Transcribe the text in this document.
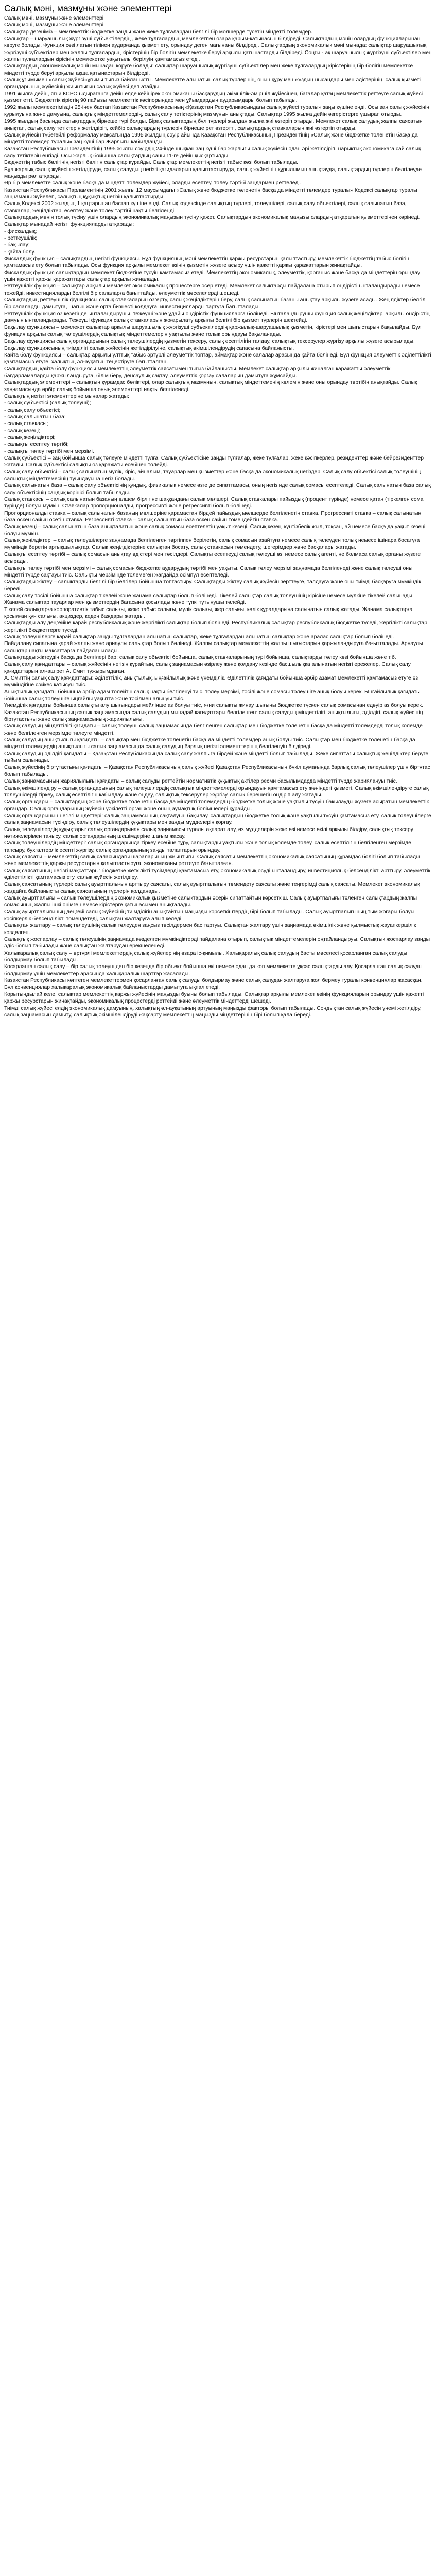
Салық мәні, мазмұны және элементтері

Салық мәні, мазмұны және элементтері

Салық мәні, мазмұны және элементтері

Салықтар дегеніміз – мемлекеттік бюджетке заңды және жеке тұлғалардан белгілі бір мөлшерде түсетін міндетті төлемдер.

Салықтар – шаруашылық жүргізуші субъектілердің , жеке тұлғалардың мемлекетпен өзара қарым-қатынасын білдіреді. Салықтардың мәнін олардың функцияларынан көруге болады. Функция сөзі латын тілінен аударғанда қызмет ету, орындау деген мағынаны білдіреді. Салықтардың экономикалық мәні мынада: салықтар шаруашылық жүргізуші субъектілер мен жалпы тұлғалардың кірістерінің бір бөлігін мемлекетке беруі арқылы қатынастарды білдіреді. Соңғы - ақ шаруашылық жүргізуші субъектілер мен жалпы тұлғалардың кірісінің мемлекетке уақытылы берілуін қамтамасыз етеді.

Салықтардың экономикалық мәнін мынадан көруге болады: салықтар шаруашылық жүргізуші субъектілер мен жеке тұлғалардың кірістерінің бір бөлігін мемлекетке міндетті түрде беруі арқылы ақша қатынастарын білдіреді.

Салық ұғымымен «салық жүйесі»ұғымы тығыз байланысты. Мемлекетте алынатын салық түрлерінің, оның құру мен жүздың нысандары мен әдістерінің, салық қызметі органдарының жүйесінің жиынтығын салық жүйесі деп атайды.

1991 жылға дейін, яғни КСРО ыдырағанға дейін елде кейінірек экономиканы басқарудың әкімшілік-әміршіл жүйесінен, бағалар қатаң мемлекеттік реттеуге салық жүйесі қызмет етті. Бюджеттік кірістің 90 пайызы мемлекеттік кәсіпорындар мен ұйымдардың аударымдары болып табылды.

1992 жылы мемлекетіміздің 25-інен бастап Қазақстан Республикасының «Қазақстан Республикасындағы салық жүйесі туралы» заңы күшіне енді. Осы заң салық жүйесінің құрылуына және дамуына, салықтық міндеттемелердің, салық салу тетіктерінің мазмұнын анықтады. Салықтар 1995 жылға дейін өзгерістерге ұшырап отырды.

1995 жылдың басында салықтардың бірнеше түрі болды. Бірақ салықтардың бұл түрлері жылдан жылға жиі өзгеріп отырды. Мемлекет салық салудың жалпы саясатын анықтап, салық салу тетіктерін жетілдіріп, кейбір салықтардың түрлерін бірнеше рет өзгертті, салықтардың ставкаларын жиі өзгертіп отырды.

Салық жүйесін түбегейлі реформалау мақсатында 1995 жылдың сәуір айында Қазақстан Республикасының Президентінің «Салық және бюджетке төленетін басқа да міндетті төлемдер туралы» заң күші бар Жарлығы қабылданды.

Қазақстан Республикасы Президентінің 1995 жылғы сәуірдің 24-інде шыққан заң күші бар жарлығы салық жүйесін одан әрі жетілдіріп, нарықтық экономикаға сай салық салу тетіктерін енгізді. Осы жарлық бойынша салықтардың саны 11-ге дейін қысқартылды.

Бюджеттің табыс бөлігінің негізгі бөлігін салықтар құрайды. Салықтар мемлекеттің негізгі табыс көзі болып табылады.

Бұл жарлық салық жүйесін жетілдіруде, салық салудың негізгі қағидаларын қалыптастыруда, салық жүйесінің құрылымын анықтауда, салықтардың түрлерін белгілеуде маңызды рөл атқарды.

Әр бір мемлекетте салық және басқа да міндетті төлемдер жүйесі, оларды есептеу, төлеу тәртібі заңдармен реттеледі.

Қазақстан Республикасы Парламентінің 2001 жылғы 12 маусымдағы «Салық және бюджетке төленетін басқа да міндетті төлемдер туралы» Кодексі салықтар туралы заңнаманы жүйелеп, салықтың құқықтық негізін қалыптастырды.

Салық Кодексі 2002 жылдың 1 қаңтарынан бастап күшіне енді. Салық кодексінде салықтың түрлері, төлеушілері, салық салу объектілері, салық салынатын база, ставкалар, жеңілдіктер, есептеу және төлеу тәртібі нақты белгіленді.

Салықтардың мәнін толық түсіну үшін олардың экономикалық маңызын түсіну қажет. Салықтардың экономикалық маңызы олардың атқаратын қызметтерінен көрінеді.

Салықтар мынадай негізгі функцияларды атқарады:

- фискалдық;

- реттеушілік;

- бақылау;

- қайта бөлу.

Фискалдық функция – салықтардың негізгі функциясы. Бұл функцияның мәні мемлекеттің қаржы ресурстарын қалыптастыру, мемлекеттік бюджеттің табыс бөлігін қамтамасыз ету болып табылады. Осы функция арқылы мемлекет өзінің қызметін жүзеге асыру үшін қажетті қаржы қаражаттарын жинақтайды.

Фискалдық функция салықтардың мемлекет бюджетіне түсуін қамтамасыз етеді. Мемлекеттің экономикалық, әлеуметтік, қорғаныс және басқа да міндеттерін орындау үшін қажетті қаржы қаражаттары салықтар арқылы жиналады.

Реттеушілік функция – салықтар арқылы мемлекет экономикалық процестерге әсер етеді. Мемлекет салықтарды пайдалана отырып өндірісті ынталандырады немесе тежейді, инвестицияларды белгілі бір салаларға бағыттайды, әлеуметтік мәселелерді шешеді.

Салықтардың реттеушілік функциясы салық ставкаларын өзгерту, салық жеңілдіктерін беру, салық салынатын базаны анықтау арқылы жүзеге асады. Жеңілдіктер белгілі бір салаларды дамытуға, шағын және орта бизнесті қолдауға, инвестицияларды тартуға бағытталады.

Реттеушілік функция өз кезегінде ынталандырушы, тежеуші және ұдайы өндірістік функцияларға бөлінеді. Ынталандырушы функция салық жеңілдіктері арқылы өндірістің дамуын ынталандырады. Тежеуші функция салық ставкаларын жоғарылату арқылы белгілі бір қызмет түрлерін шектейді.

Бақылау функциясы – мемлекет салықтар арқылы шаруашылық жүргізуші субъектілердің қаржылық-шаруашылық қызметін, кірістері мен шығыстарын бақылайды. Бұл функция арқылы салық төлеушілердің салықтық міндеттемелерін уақтылы және толық орындауы бақыланады.

Бақылау функциясы салық органдарының салық төлеушілердің қызметін тексеру, салық есептілігін талдау, салықтық тексерулер жүргізу арқылы жүзеге асырылады. Бақылау функциясының тиімділігі салық жүйесінің жетілдірілуіне, салықтық әкімшілендірудің сапасына байланысты.

Қайта бөлу функциясы – салықтар арқылы ұлттық табыс әртүрлі әлеуметтік топтар, аймақтар және салалар арасында қайта бөлінеді. Бұл функция әлеуметтік әділеттілікті қамтамасыз етуге, халықтың әл-ауқатын теңестіруге бағытталған.

Салықтардың қайта бөлу функциясы мемлекеттің әлеуметтік саясатымен тығыз байланысты. Мемлекет салықтар арқылы жиналған қаражатты әлеуметтік бағдарламаларды қаржыландыруға, білім беру, денсаулық сақтау, әлеуметтік қорғау салаларын дамытуға жұмсайды.

Салықтардың элементтері – салықтың құрамдас бөліктері, олар салықтың мазмұнын, салықтық міндеттеменің көлемін және оны орындау тәртібін анықтайды. Салық заңнамасында әрбір салық бойынша оның элементтері нақты белгіленеді.

Салықтың негізгі элементтеріне мыналар жатады:

- салық субъектісі (салық төлеуші);

- салық салу объектісі;

- салық салынатын база;

- салық ставкасы;

- салық кезеңі;

- салық жеңілдіктері;

- салықты есептеу тәртібі;

- салықты төлеу тәртібі мен мерзімі.

Салық субъектісі – заң бойынша салық төлеуге міндетті тұлға. Салық субъектісіне заңды тұлғалар, жеке тұлғалар, жеке кәсіпкерлер, резиденттер және бейрезиденттер жатады. Салық субъектісі салықты өз қаражаты есебінен төлейді.

Салық салу объектісі – салық салынатын мүлік, кіріс, айналым, тауарлар мен қызметтер және басқа да экономикалық негіздер. Салық салу объектісі салық төлеушінің салықтық міндеттемесінің туындауына негіз болады.

Салық салынатын база – салық салу объектісінің құндық, физикалық немесе өзге де сипаттамасы, оның негізінде салық сомасы есептеледі. Салық салынатын база салық салу объектісінің сандық көрінісі болып табылады.

Салық ставкасы – салық салынатын базаның өлшем бірлігіне шаққандағы салық мөлшері. Салық ставкалары пайыздық (процент түрінде) немесе қатаң (тіркелген сома түрінде) болуы мүмкін. Ставкалар пропорционалды, прогрессивті және регрессивті болып бөлінеді.

Пропорционалды ставка – салық салынатын базаның мөлшеріне қарамастан бірдей пайыздық мөлшерде белгіленетін ставка. Прогрессивті ставка – салық салынатын база өскен сайын өсетін ставка. Регрессивті ставка – салық салынатын база өскен сайын төмендейтін ставка.

Салық кезеңі – салық салынатын база анықталатын және салық сомасы есептелетін уақыт кезеңі. Салық кезеңі күнтізбелік жыл, тоқсан, ай немесе басқа да уақыт кезеңі болуы мүмкін.

Салық жеңілдіктері – салық төлеушілерге заңнамада белгіленген тәртіппен берілетін, салық сомасын азайтуға немесе салық төлеуден толық немесе ішінара босатуға мүмкіндік беретін артықшылықтар. Салық жеңілдіктеріне салықтан босату, салық ставкасын төмендету, шегерімдер және басқалары жатады.

Салықты есептеу тәртібі – салық сомасын анықтау әдістері мен тәсілдері. Салықты есептеуді салық төлеуші өзі немесе салық агенті, не болмаса салық органы жүзеге асырады.

Салықты төлеу тәртібі мен мерзімі – салық сомасын бюджетке аударудың тәртібі мен уақыты. Салық төлеу мерзімі заңнамада белгіленеді және салық төлеуші оны міндетті түрде сақтауы тиіс. Салықты мерзімінде төлемеген жағдайда өсімпұл есептеледі.

Салықтарды жіктеу – салықтарды белгілі бір белгілер бойынша топтастыру. Салықтарды жіктеу салық жүйесін зерттеуге, талдауға және оны тиімді басқаруға мүмкіндік береді.

Салық салу тәсілі бойынша салықтар тікелей және жанама салықтар болып бөлінеді. Тікелей салықтар салық төлеушінің кірісіне немесе мүлкіне тікелей салынады. Жанама салықтар тауарлар мен қызметтердің бағасына қосылады және түпкі тұтынушы төлейді.

Тікелей салықтарға корпоративтік табыс салығы, жеке табыс салығы, мүлік салығы, жер салығы, көлік құралдарына салынатын салық жатады. Жанама салықтарға қосылған құн салығы, акциздер, кеден баждары жатады.

Салықтарды алу деңгейіне қарай республикалық және жергілікті салықтар болып бөлінеді. Республикалық салықтар республикалық бюджетке түседі, жергілікті салықтар жергілікті бюджеттерге түседі.

Салық төлеушілерге қарай салықтар заңды тұлғалардан алынатын салықтар, жеке тұлғалардан алынатын салықтар және аралас салықтар болып бөлінеді.

Пайдалану сипатына қарай жалпы және арнаулы салықтар болып бөлінеді. Жалпы салықтар мемлекеттің жалпы шығыстарын қаржыландыруға бағытталады. Арнаулы салықтар нақты мақсаттарға пайдаланылады.

Салықтарды жіктеудің басқа да белгілері бар: салық салу объектісі бойынша, салық ставкаларының түрі бойынша, салықтарды төлеу көзі бойынша және т.б.

Салық салу қағидаттары – салық жүйесінің негізін құрайтын, салық заңнамасын әзірлеу және қолдану кезінде басшылыққа алынатын негізгі ережелер. Салық салу қағидаттарын алғаш рет А. Смит тұжырымдаған.

А. Смиттің салық салу қағидаттары: әділеттілік, анықтылық, ыңғайлылық және үнемділік. Әділеттілік қағидаты бойынша әрбір азамат мемлекетті қамтамасыз етуге өз мүмкіндігіне сәйкес қатысуы тиіс.

Анықтылық қағидаты бойынша әрбір адам төлейтін салық нақты белгіленуі тиіс, төлеу мерзімі, тәсілі және сомасы төлеушіге анық болуы керек. Ыңғайлылық қағидаты бойынша салық төлеушіге ыңғайлы уақытта және тәсілмен алынуы тиіс.

Үнемділік қағидаты бойынша салықты алу шығындары мейлінше аз болуы тиіс, яғни салықты жинау шығыны бюджетке түскен салық сомасынан едәуір аз болуы керек.

Қазақстан Республикасының салық заңнамасында салық салудың мынадай қағидаттары белгіленген: салық салудың міндеттілігі, анықтылығы, әділдігі, салық жүйесінің біртұтастығы және салық заңнамасының жариялылығы.

Салық салудың міндеттілігі қағидаты – салық төлеуші салық заңнамасында белгіленген салықтар мен бюджетке төленетін басқа да міндетті төлемдерді толық көлемде және белгіленген мерзімде төлеуге міндетті.

Салық салудың анықтылығы қағидаты – салықтар мен бюджетке төленетін басқа да міндетті төлемдер анық болуы тиіс. Салықтар мен бюджетке төленетін басқа да міндетті төлемдердің анықтылығы салық заңнамасында салық салудың барлық негізгі элементтерінің белгіленуін білдіреді.

Салық салудың әділдігі қағидаты – Қазақстан Республикасында салық салу жалпыға бірдей және міндетті болып табылады. Жеке сипаттағы салықтық жеңілдіктер беруге тыйым салынады.

Салық жүйесінің біртұтастығы қағидаты – Қазақстан Республикасының салық жүйесі Қазақстан Республикасының бүкіл аумағында барлық салық төлеушілер үшін біртұтас болып табылады.

Салық заңнамасының жариялылығы қағидаты – салық салуды реттейтін нормативтік құқықтық актілер ресми басылымдарда міндетті түрде жариялануы тиіс.

Салық әкімшілендіру – салық органдарының салық төлеушілердің салықтық міндеттемелерді орындауын қамтамасыз ету жөніндегі қызметі. Салық әкімшілендіруге салық төлеушілерді тіркеу, салық есептілігін қабылдау және өңдеу, салықтық тексерулер жүргізу, салық берешегін өндіріп алу жатады.

Салық органдары – салықтардың және бюджетке төленетін басқа да міндетті төлемдердің бюджетке толық және уақтылы түсуін бақылауды жүзеге асыратын мемлекеттік органдар. Салық органдарының жүйесін уәкілетті орган және оның аумақтық бөлімшелері құрайды.

Салық органдарының негізгі міндеттері: салық заңнамасының сақталуын бақылау, салықтардың бюджетке толық және уақтылы түсуін қамтамасыз ету, салық төлеушілерге салық заңнамасын түсіндіру, салық төлеушілердің құқықтары мен заңды мүдделерін қорғау.

Салық төлеушілердің құқықтары: салық органдарынан салық заңнамасы туралы ақпарат алу, өз мүдделерін жеке өзі немесе өкілі арқылы білдіру, салықтық тексеру нәтижелерімен танысу, салық органдарының шешімдеріне шағым жасау.

Салық төлеушілердің міндеттері: салық органдарында тіркеу есебіне тұру, салықтарды уақтылы және толық көлемде төлеу, салық есептілігін белгіленген мерзімде тапсыру, бухгалтерлік есепті жүргізу, салық органдарының заңды талаптарын орындау.

Салық саясаты – мемлекеттің салық саласындағы шараларының жиынтығы. Салық саясаты мемлекеттің экономикалық саясатының құрамдас бөлігі болып табылады және мемлекеттің қаржы ресурстарын қалыптастыруға, экономиканы реттеуге бағытталған.

Салық саясатының негізгі мақсаттары: бюджетке жеткілікті түсімдерді қамтамасыз ету, экономикалық өсуді ынталандыру, инвестициялық белсенділікті арттыру, әлеуметтік әділеттілікті қамтамасыз ету, салық жүйесін жетілдіру.

Салық саясатының түрлері: салық ауыртпалығын арттыру саясаты, салық ауыртпалығын төмендету саясаты және теңгерімді салық саясаты. Мемлекет экономикалық жағдайға байланысты салық саясатының түрлерін қолданады.

Салық ауыртпалығы – салық төлеушілердің экономикалық қызметіне салықтардың әсерін сипаттайтын көрсеткіш. Салық ауыртпалығы төленген салықтардың жалпы сомасының жалпы ішкі өнімге немесе кірістерге қатынасымен анықталады.

Салық ауыртпалығының деңгейі салық жүйесінің тиімділігін анықтайтын маңызды көрсеткіштердің бірі болып табылады. Салық ауыртпалығының тым жоғары болуы кәсіпкерлік белсенділікті төмендетеді, салықтан жалтаруға алып келеді.

Салықтан жалтару – салық төлеушінің салық төлеуден заңсыз тәсілдермен бас тартуы. Салықтан жалтару үшін заңнамада әкімшілік және қылмыстық жауапкершілік көзделген.

Салықтық жоспарлау – салық төлеушінің заңнамада көзделген мүмкіндіктерді пайдалана отырып, салықтық міндеттемелерін оңтайландыруы. Салықтық жоспарлау заңды әдіс болып табылады және салықтан жалтарудан ерекшеленеді.

Халықаралық салық салу – әртүрлі мемлекеттердің салық жүйелерінің өзара іс-қимылы. Халықаралық салық салудың басты мәселесі қосарланған салық салуды болдырмау болып табылады.

Қосарланған салық салу – бір салық төлеушіден бір кезеңде бір объект бойынша екі немесе одан да көп мемлекетте ұқсас салықтарды алу. Қосарланған салық салуды болдырмау үшін мемлекеттер арасында халықаралық шарттар жасалады.

Қазақстан Республикасы көптеген мемлекеттермен қосарланған салық салуды болдырмау және салық салудан жалтаруға жол бермеу туралы конвенциялар жасасқан. Бұл конвенциялар халықаралық экономикалық байланыстарды дамытуға ықпал етеді.

Қорытындылай келе, салықтар мемлекеттің қаржы жүйесінің маңызды буыны болып табылады. Салықтар арқылы мемлекет өзінің функцияларын орындау үшін қажетті қаржы ресурстарын жинақтайды, экономикалық процестерді реттейді және әлеуметтік міндеттерді шешеді.

Тиімді салық жүйесі елдің экономикалық дамуының, халықтың әл-ауқатының артуының маңызды факторы болып табылады. Сондықтан салық жүйесін үнемі жетілдіру, салық заңнамасын дамыту, салықтық әкімшілендіруді жақсарту мемлекеттің маңызды міндеттерінің бірі болып қала береді.
